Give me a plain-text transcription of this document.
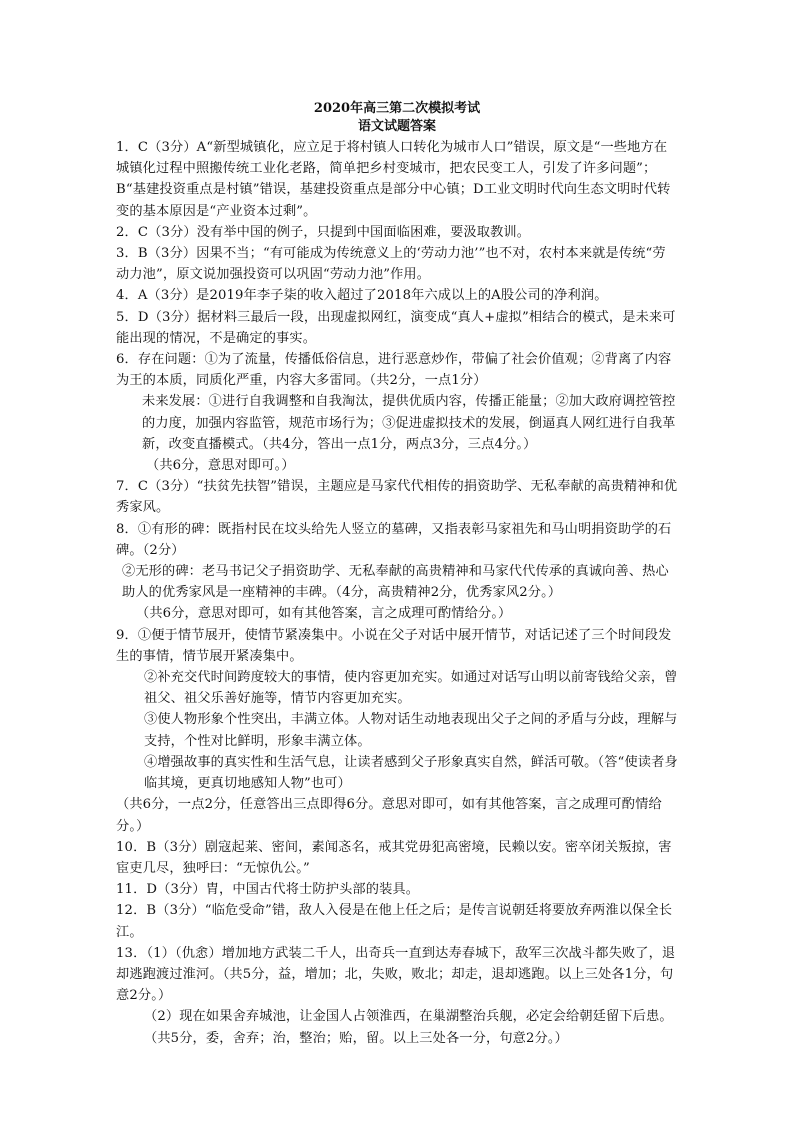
2020年高三第二次模拟考试
语文试题答案

1．C（3分）A“新型城镇化，应立足于将村镇人口转化为城市人口”错误，原文是“一些地方在城镇化过程中照搬传统工业化老路，简单把乡村变城市，把农民变工人，引发了许多问题”；B“基建投资重点是村镇”错误，基建投资重点是部分中心镇；D工业文明时代向生态文明时代转变的基本原因是“产业资本过剩”。

2．C（3分）没有举中国的例子，只提到中国面临困难，要汲取教训。

3．B（3分）因果不当；“有可能成为传统意义上的‘劳动力池’”也不对，农村本来就是传统“劳动力池”，原文说加强投资可以巩固“劳动力池”作用。

4．A（3分）是2019年李子柒的收入超过了2018年六成以上的A股公司的净利润。

5．D（3分）据材料三最后一段，出现虚拟网红，演变成“真人+虚拟”相结合的模式，是未来可能出现的情况，不是确定的事实。

6．存在问题：①为了流量，传播低俗信息，进行恶意炒作，带偏了社会价值观；②背离了内容为王的本质，同质化严重，内容大多雷同。（共2分，一点1分）

未来发展：①进行自我调整和自我淘汰，提供优质内容，传播正能量；②加大政府调控管控的力度，加强内容监管，规范市场行为；③促进虚拟技术的发展，倒逼真人网红进行自我革新，改变直播模式。（共4分，答出一点1分，两点3分，三点4分。）

（共6分，意思对即可。）

7．C（3分）“扶贫先扶智”错误，主题应是马家代代相传的捐资助学、无私奉献的高贵精神和优秀家风。

8．①有形的碑：既指村民在坟头给先人竖立的墓碑，又指表彰马家祖先和马山明捐资助学的石碑。（2分）

②无形的碑：老马书记父子捐资助学、无私奉献的高贵精神和马家代代传承的真诚向善、热心助人的优秀家风是一座精神的丰碑。（4分，高贵精神2分，优秀家风2分。）

（共6分，意思对即可，如有其他答案，言之成理可酌情给分。）

9．①便于情节展开，使情节紧凑集中。小说在父子对话中展开情节，对话记述了三个时间段发生的事情，情节展开紧凑集中。

②补充交代时间跨度较大的事情，使内容更加充实。如通过对话写山明以前寄钱给父亲，曾祖父、祖父乐善好施等，情节内容更加充实。

③使人物形象个性突出，丰满立体。人物对话生动地表现出父子之间的矛盾与分歧，理解与支持，个性对比鲜明，形象丰满立体。

④增强故事的真实性和生活气息，让读者感到父子形象真实自然，鲜活可敬。（答“使读者身临其境，更真切地感知人物”也可）

（共6分，一点2分，任意答出三点即得6分。意思对即可，如有其他答案，言之成理可酌情给分。）

10．B（3分）剧寇起莱、密间，素闻忞名，戒其党毋犯高密境，民赖以安。密卒闭关叛掠，害宦吏几尽，独呼曰：“无惊仇公。”

11．D（3分）胄，中国古代将士防护头部的装具。

12．B（3分）“临危受命”错，敌人入侵是在他上任之后；是传言说朝廷将要放弃两淮以保全长江。

13．（1）（仇悆）增加地方武装二千人，出奇兵一直到达寿春城下，敌军三次战斗都失败了，退却逃跑渡过淮河。（共5分，益，增加；北，失败，败北；却走，退却逃跑。以上三处各1分，句意2分。）

（2）现在如果舍弃城池，让金国人占领淮西，在巢湖整治兵舰，必定会给朝廷留下后患。（共5分，委，舍弃；治，整治；贻，留。以上三处各一分，句意2分。）
